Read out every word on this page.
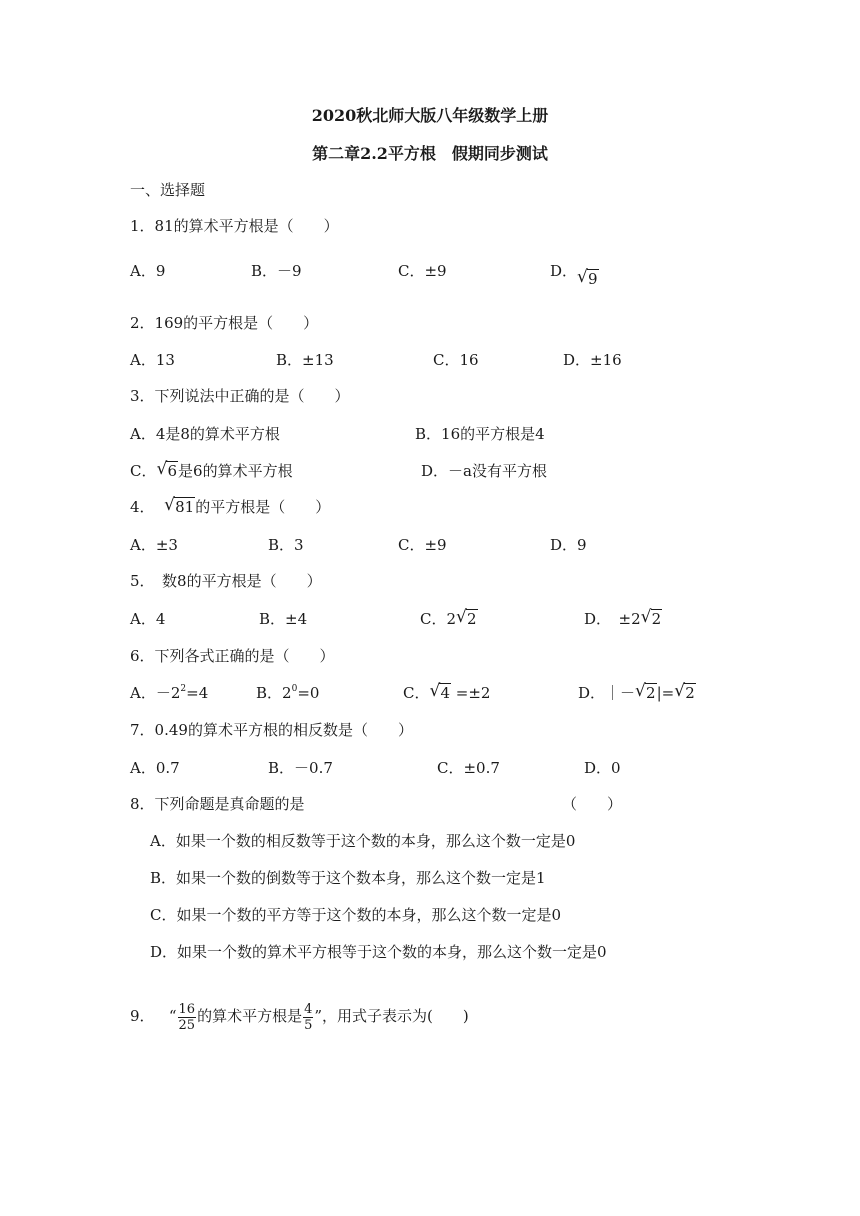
2020秋北师大版八年级数学上册
第二章2.2平方根　假期同步测试
一、选择题
1．81的算术平方根是（　　）
A．9	B．－9	C．±9	D． √ 9
2．169的平方根是（　　）
A．13	B．±13	C．16	D．±16
3．下列说法中正确的是（　　）
A．4是8的算术平方根	B．16的平方根是4
C． √ 6是6的算术平方根	D．－a没有平方根
4． √ 81的平方根是（　　）
A．±3	B．3	C．±9	D．9
5．　数8的平方根是（　　）
A．4	B．±4	C．2 √ 2	D．　±2 √ 2
6．下列各式正确的是（　　）
A．$-2^2=4$	B．$2^0=0$	C． √ 4 =±2	D．｜－ √ 2|= √ 2
7．0.49的算术平方根的相反数是（　　）
A．0.7	B．－0.7	C．±0.7	D．0
8．下列命题是真命题的是	（　　）
A．如果一个数的相反数等于这个数的本身，那么这个数一定是0
B．如果一个数的倒数等于这个数本身，那么这个数一定是1
C．如果一个数的平方等于这个数的本身，那么这个数一定是0
D．如果一个数的算术平方根等于这个数的本身，那么这个数一定是0
9． “ $\frac{16}{25}$ 的算术平方根是 $\frac{4}{5}$ ”，用式子表示为(　　)
